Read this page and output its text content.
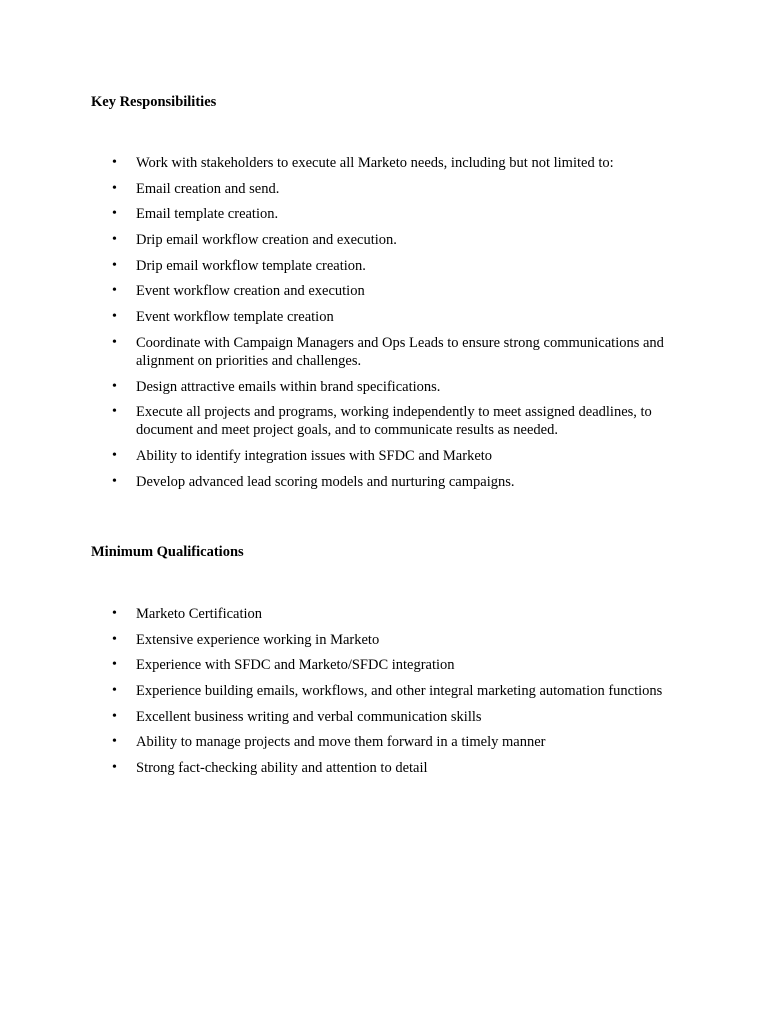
Key Responsibilities
• Work with stakeholders to execute all Marketo needs, including but not limited to:
• Email creation and send.
• Email template creation.
• Drip email workflow creation and execution.
• Drip email workflow template creation.
• Event workflow creation and execution
• Event workflow template creation
• Coordinate with Campaign Managers and Ops Leads to ensure strong communications and alignment on priorities and challenges.
• Design attractive emails within brand specifications.
• Execute all projects and programs, working independently to meet assigned deadlines, to document and meet project goals, and to communicate results as needed.
• Ability to identify integration issues with SFDC and Marketo
• Develop advanced lead scoring models and nurturing campaigns.
Minimum Qualifications
• Marketo Certification
• Extensive experience working in Marketo
• Experience with SFDC and Marketo/SFDC integration
• Experience building emails, workflows, and other integral marketing automation functions
• Excellent business writing and verbal communication skills
• Ability to manage projects and move them forward in a timely manner
• Strong fact-checking ability and attention to detail
